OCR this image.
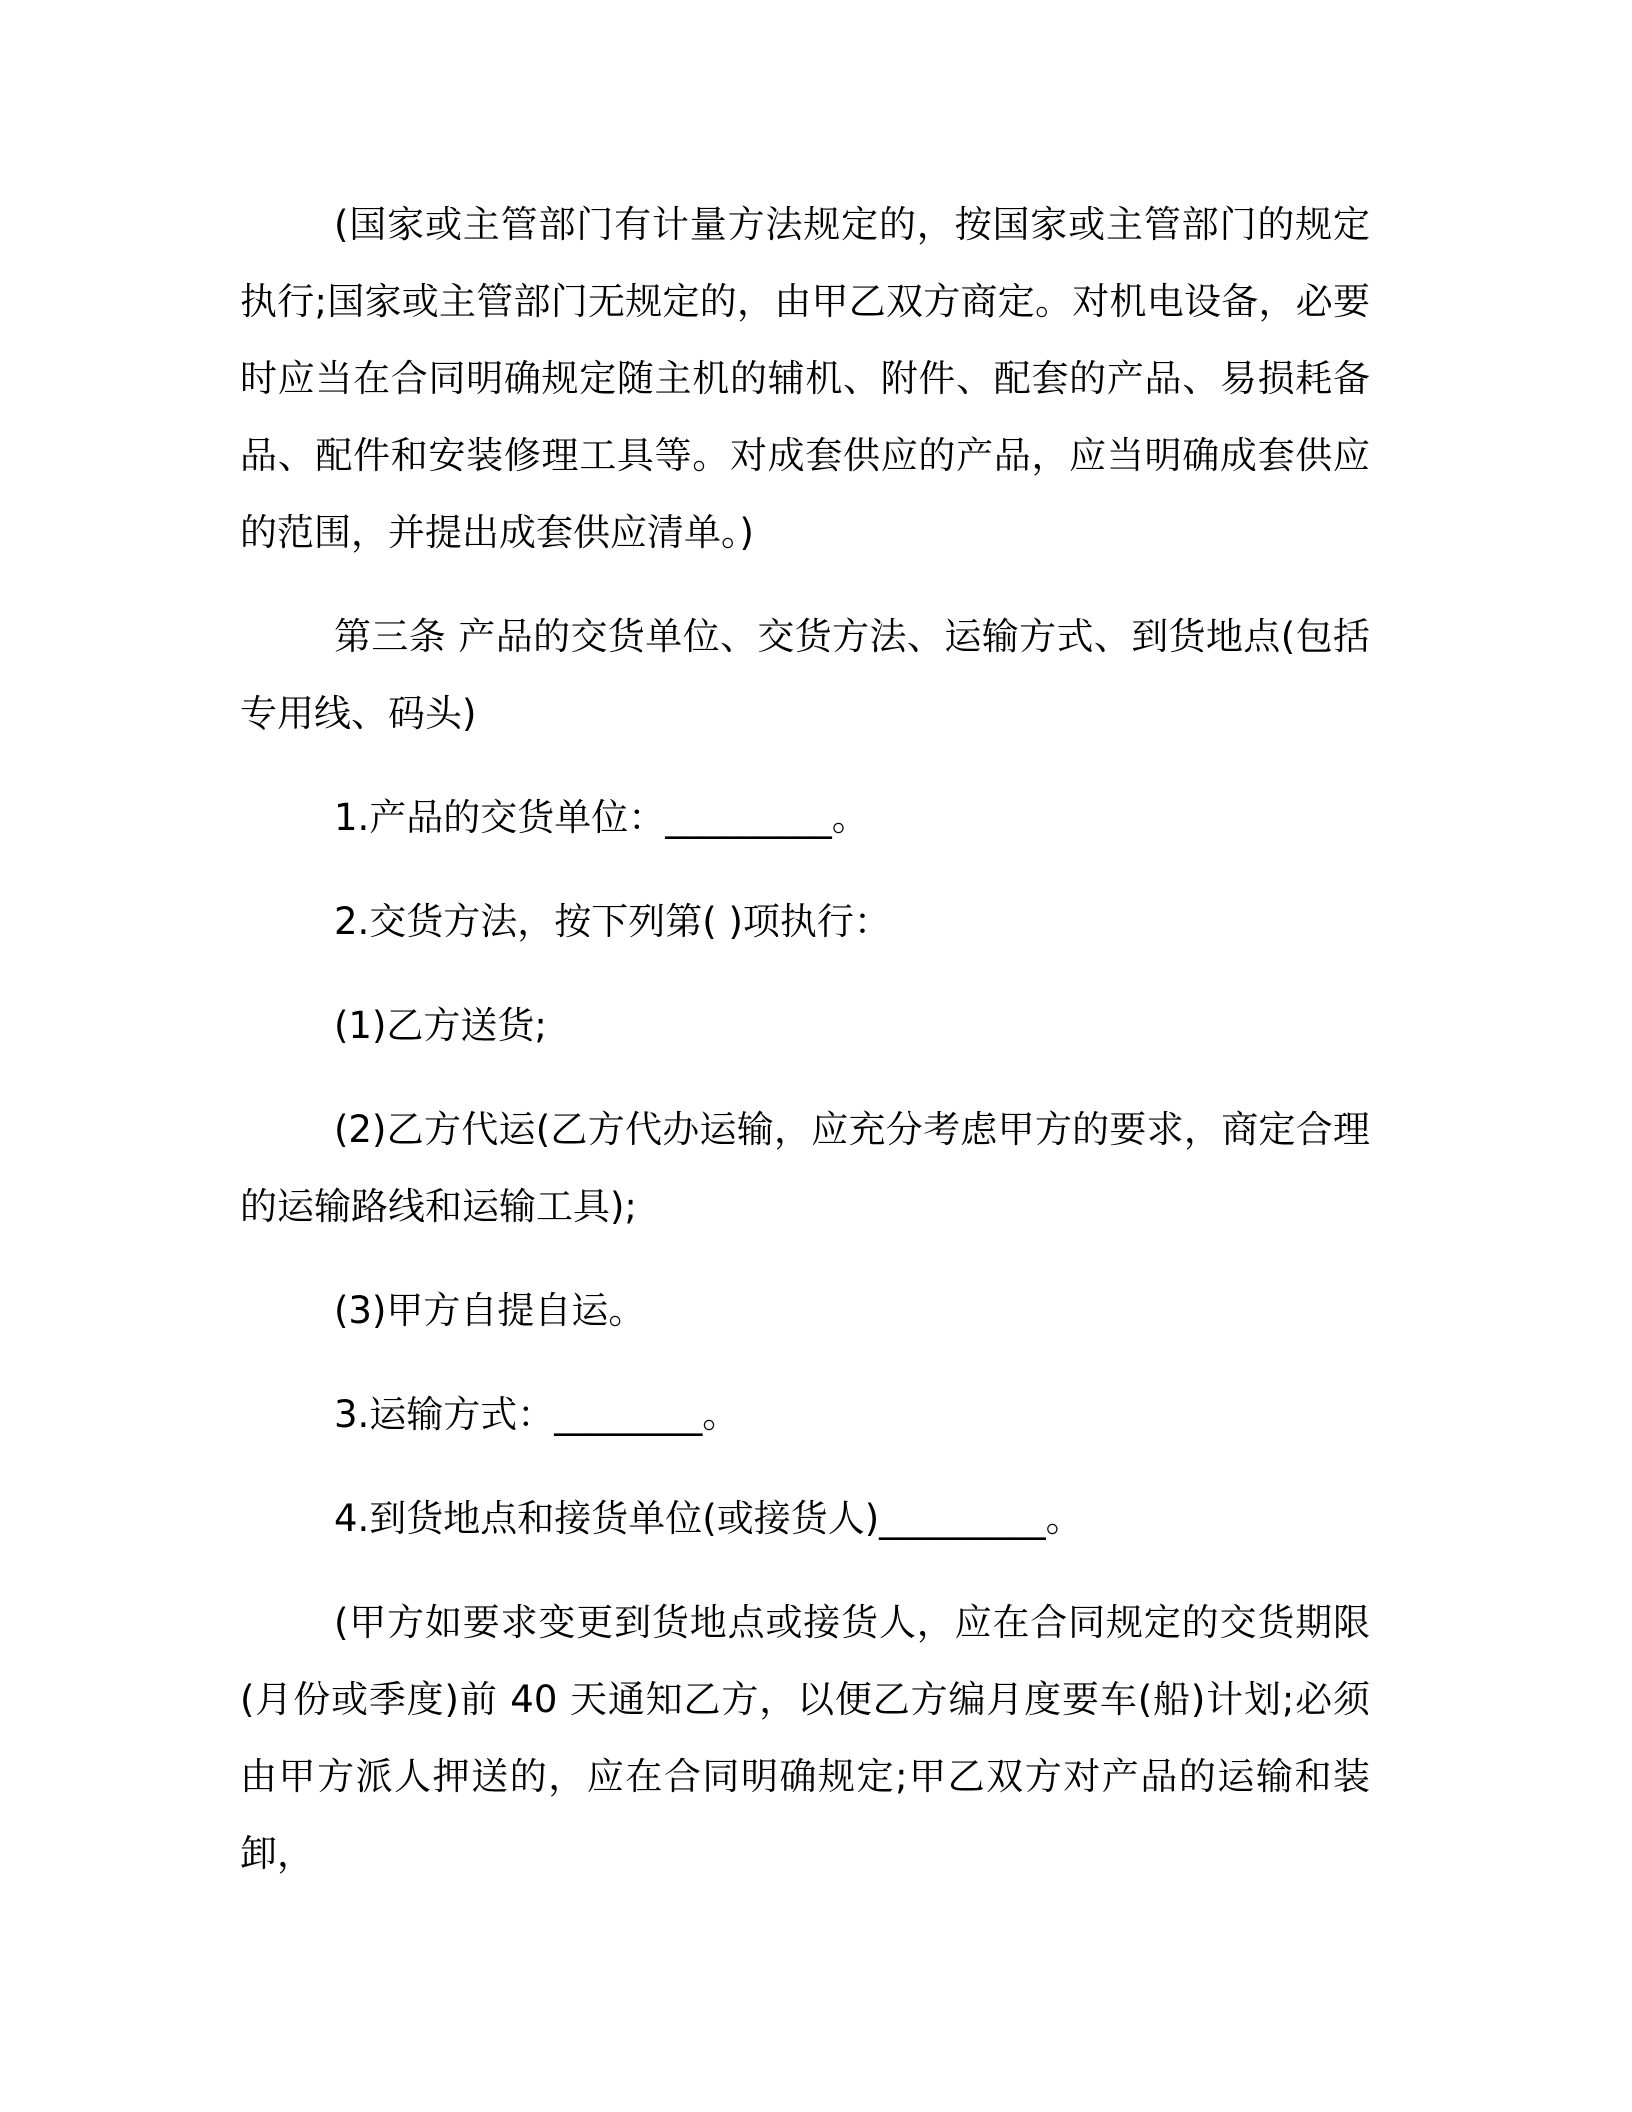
(国家或主管部门有计量方法规定的，按国家或主管部门的规定执行;国家或主管部门无规定的，由甲乙双方商定。对机电设备，必要时应当在合同明确规定随主机的辅机、附件、配套的产品、易损耗备品、配件和安装修理工具等。对成套供应的产品，应当明确成套供应的范围，并提出成套供应清单。)

第三条 产品的交货单位、交货方法、运输方式、到货地点(包括专用线、码头)

1.产品的交货单位：_________。

2.交货方法，按下列第( )项执行：

(1)乙方送货;

(2)乙方代运(乙方代办运输，应充分考虑甲方的要求，商定合理的运输路线和运输工具);

(3)甲方自提自运。

3.运输方式：________。

4.到货地点和接货单位(或接货人)_________。

(甲方如要求变更到货地点或接货人，应在合同规定的交货期限(月份或季度)前 40 天通知乙方，以便乙方编月度要车(船)计划;必须由甲方派人押送的，应在合同明确规定;甲乙双方对产品的运输和装卸，
